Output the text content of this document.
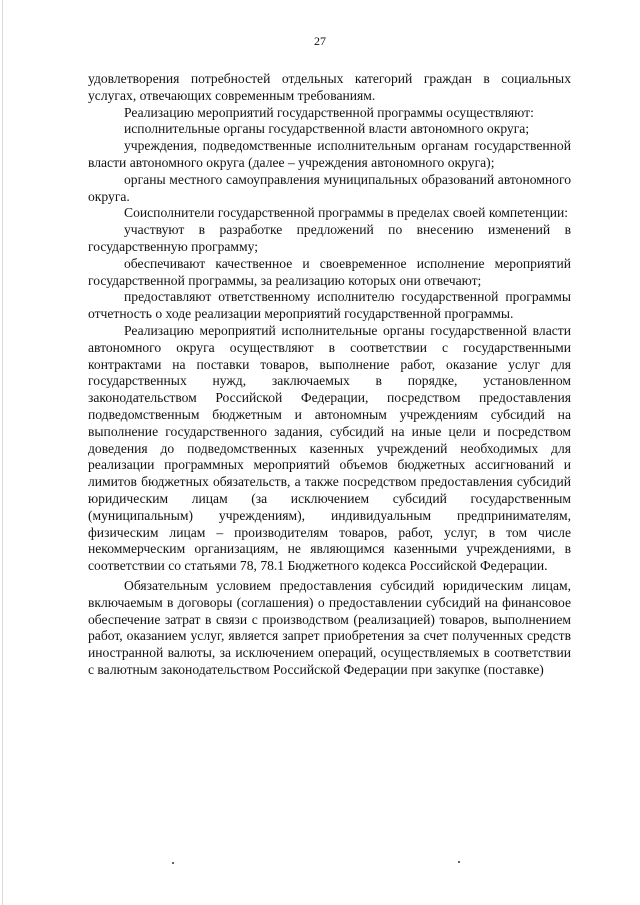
27

удовлетворения потребностей отдельных категорий граждан в социальных услугах, отвечающих современным требованиям.

Реализацию мероприятий государственной программы осуществляют:

исполнительные органы государственной власти автономного округа;

учреждения, подведомственные исполнительным органам государственной власти автономного округа (далее – учреждения автономного округа);

органы местного самоуправления муниципальных образований автономного округа.

Соисполнители государственной программы в пределах своей компетенции:

участвуют в разработке предложений по внесению изменений в государственную программу;

обеспечивают качественное и своевременное исполнение мероприятий государственной программы, за реализацию которых они отвечают;

предоставляют ответственному исполнителю государственной программы отчетность о ходе реализации мероприятий государственной программы.

Реализацию мероприятий исполнительные органы государственной власти автономного округа осуществляют в соответствии с государственными контрактами на поставки товаров, выполнение работ, оказание услуг для государственных нужд, заключаемых в порядке, установленном законодательством Российской Федерации, посредством предоставления подведомственным бюджетным и автономным учреждениям субсидий на выполнение государственного задания, субсидий на иные цели и посредством доведения до подведомственных казенных учреждений необходимых для реализации программных мероприятий объемов бюджетных ассигнований и лимитов бюджетных обязательств, а также посредством предоставления субсидий юридическим лицам (за исключением субсидий государственным (муниципальным) учреждениям), индивидуальным предпринимателям, физическим лицам – производителям товаров, работ, услуг, в том числе некоммерческим организациям, не являющимся казенными учреждениями, в соответствии со статьями 78, 78.1 Бюджетного кодекса Российской Федерации.

Обязательным условием предоставления субсидий юридическим лицам, включаемым в договоры (соглашения) о предоставлении субсидий на финансовое обеспечение затрат в связи с производством (реализацией) товаров, выполнением работ, оказанием услуг, является запрет приобретения за счет полученных средств иностранной валюты, за исключением операций, осуществляемых в соответствии с валютным законодательством Российской Федерации при закупке (поставке)
